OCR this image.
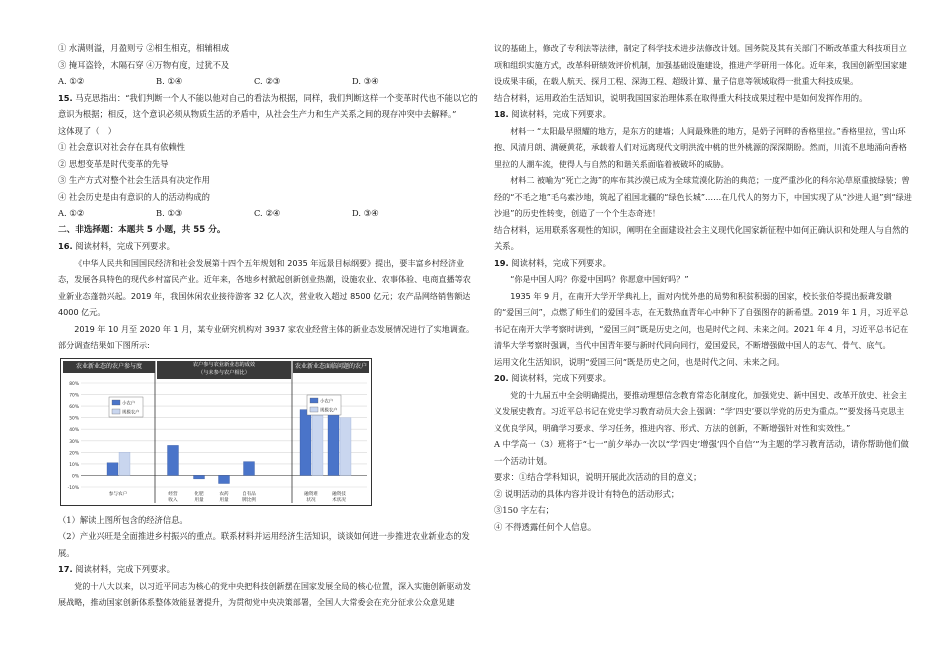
① 水满则溢，月盈则亏 ②相生相克，相辅相成

③ 掩耳盗铃，木隔石穿 ④万物有度，过犹不及

A. ①②	B. ①④	C. ②③	D. ③④

15. 马克思指出：“我们判断一个人不能以他对自己的看法为根据，同样，我们判断这样一个变革时代也不能以它的意识为根据；相反，这个意识必须从物质生活的矛盾中，从社会生产力和生产关系之间的现存冲突中去解释。”

这体现了（　）

① 社会意识对社会存在具有依赖性

② 思想变革是时代变革的先导

③ 生产方式对整个社会生活具有决定作用

④ 社会历史是由有意识的人的活动构成的

A. ①②	B. ①③	C. ②④	D. ③④

二、非选择题：本题共 5 小题，共 55 分。

16. 阅读材料，完成下列要求。

《中华人民共和国国民经济和社会发展第十四个五年规划和 2035 年远景目标纲要》提出，要丰富乡村经济业态，发展各具特色的现代乡村富民产业。近年来，各地乡村掀起创新创业热潮，设施农业、农事体验、电商直播等农业新业态蓬勃兴起。2019 年，我国休闲农业接待游客 32 亿人次，营业收入超过 8500 亿元；农产品网络销售额达 4000 亿元。

2019 年 10 月至 2020 年 1 月，某专业研究机构对 3937 家农业经营主体的新业态发展情况进行了实地调查。部分调查结果如下图所示:

农业新业态的农户参与度	农户参与农业新业态的成效
（与未参与农户相比）
农业新业态面临问题的农户比重
80%
70%
60%
50%
40%
30%
20%
10%
0%
-10%
参与农户	经营
收入
化肥
用量
农药
用量
自有品
牌比例
融资难
状况
融资技
术状况
小农户
规模农户
小农户
规模农户

（1）解读上图所包含的经济信息。

（2）产业兴旺是全面推进乡村振兴的重点。联系材料并运用经济生活知识，谈谈如何进一步推进农业新业态的发展。

17. 阅读材料，完成下列要求。

党的十八大以来，以习近平同志为核心的党中央把科技创新摆在国家发展全局的核心位置，深入实施创新驱动发展战略，推动国家创新体系整体效能显著提升，为贯彻党中央决策部署，全国人大常委会在充分征求公众意见建

议的基础上，修改了专利法等法律，制定了科学技术进步法修改计划。国务院及其有关部门不断改革重大科技项目立项和组织实施方式，改革科研绩效评价机制，加强基础设施建设，推进产学研用一体化。近年来，我国创新型国家建设成果丰硕，在载人航天、探月工程、深海工程、超级计算、量子信息等领域取得一批重大科技成果。

结合材料，运用政治生活知识，说明我国国家治理体系在取得重大科技成果过程中是如何发挥作用的。

18. 阅读材料，完成下列要求。

材料一 “太阳最早照耀的地方，是东方的建墙；人间最殊胜的地方，是奶子河畔的香格里拉。”香格里拉，雪山环抱、风清月朗、满硬黄花，承载着人们对远离现代文明洪流中桃的世外桃源的深深期盼。然而，川流不息地涌向香格里拉的人潮车流，使得人与自然的和谐关系面临着被破坏的威胁。

材料二 被喻为“死亡之海”的库布其沙漠已成为全球荒漠化防治的典范；一度严重沙化的科尔沁草原重披绿装；曾经的“不毛之地”毛乌素沙地，筑起了祖国北疆的“绿色长城”……在几代人的努力下，中国实现了从“沙进人退”到“绿进沙退”的历史性转变，创造了一个个生态奇迹！

结合材料，运用联系客观性的知识，阐明在全面建设社会主义现代化国家新征程中如何正确认识和处理人与自然的关系。

19. 阅读材料，完成下列要求。

“你是中国人吗？你爱中国吗？你愿意中国好吗？”

1935 年 9 月，在南开大学开学典礼上，面对内忧外患的局势和积贫积弱的国家，校长张伯苓提出振聋发聩的“爱国三问”，点燃了师生们的爱国斗志，在无数热血青年心中种下了自强图存的新希望。2019 年 1 月，习近平总书记在南开大学考察时讲到，“爱国三问”既是历史之问，也是时代之问、未来之问。2021 年 4 月，习近平总书记在清华大学考察时强调，当代中国青年要与新时代同向同行，爱国爱民，不断增强做中国人的志气、骨气、底气。

运用文化生活知识，说明“爱国三问”既是历史之问，也是时代之问、未来之问。

20. 阅读材料，完成下列要求。

党的十九届五中全会明确提出，要推动理想信念教育常态化制度化，加强党史、新中国史、改革开放史、社会主义发展史教育。习近平总书记在党史学习教育动员大会上强调：“学‘四史’要以学党的历史为重点。”“要发扬马克思主义优良学风，明确学习要求、学习任务，推进内容、形式、方法的创新，不断增强针对性和实效性。”

A 中学高一（3）班将于“七一”前夕举办一次以“学‘四史’增强‘四个自信’”为主题的学习教育活动，请你帮助他们做一个活动计划。

要求：①结合学科知识，说明开展此次活动的目的意义；

② 说明活动的具体内容并设计有特色的活动形式；

③150 字左右；

④ 不得透露任何个人信息。
